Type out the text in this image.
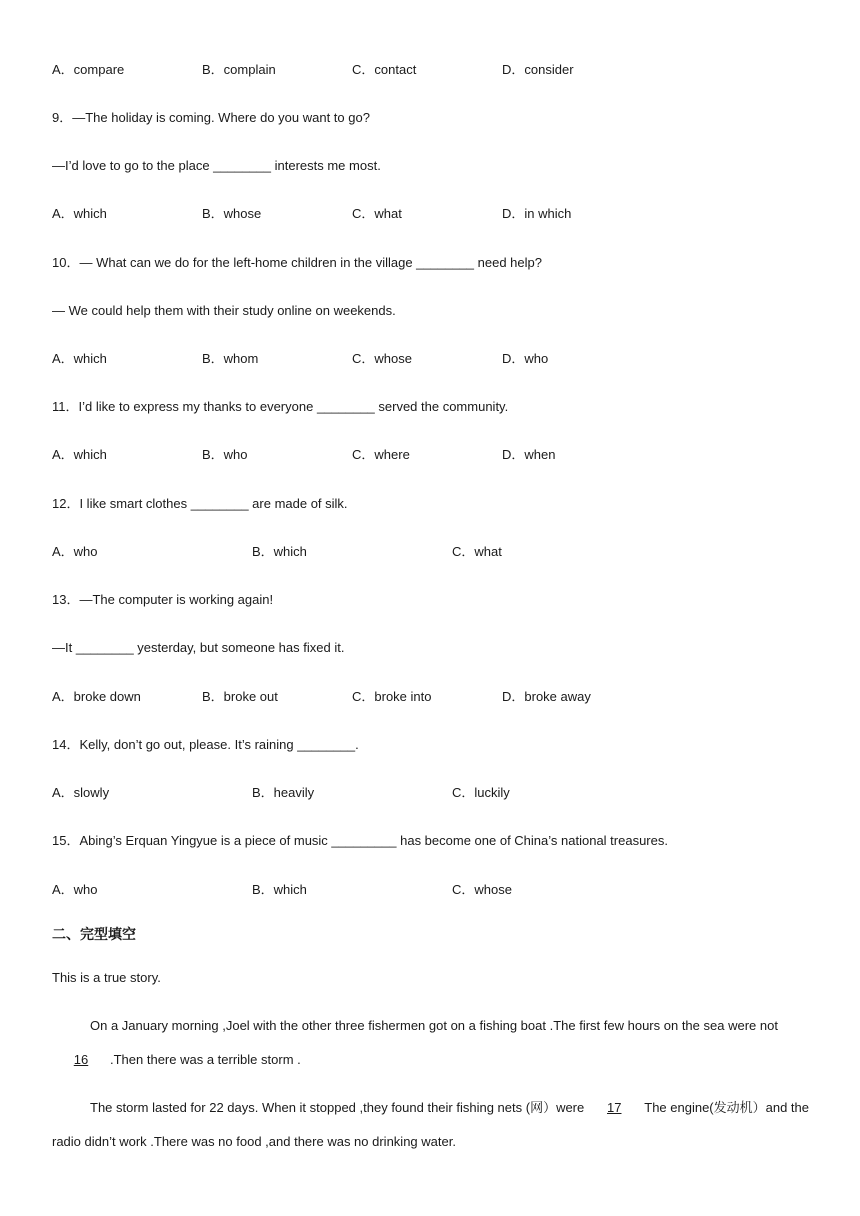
A．compare	B．complain	C．contact	D．consider
9．—The holiday is coming. Where do you want to go?
—I’d love to go to the place ________ interests me most.
A．which	B．whose	C．what	D．in which
10．— What can we do for the left-home children in the village ________ need help?
— We could help them with their study online on weekends.
A．which	B．whom	C．whose	D．who
11．I’d like to express my thanks to everyone ________ served the community.
A．which	B．who	C．where	D．when
12．I like smart clothes ________ are made of silk.
A．who	B．which	C．what
13．—The computer is working again!
—It ________ yesterday, but someone has fixed it.
A．broke down	B．broke out	C．broke into	D．broke away
14．Kelly, don’t go out, please. It’s raining ________.
A．slowly	B．heavily	C．luckily
15．Abing’s Erquan Yingyue is a piece of music _________ has become one of China’s national treasures.
A．who	B．which	C．whose
二、完型填空
This is a true story.
On a January morning ,Joel with the other three fishermen got on a fishing boat .The first few hours on the sea were not 16 .Then there was a terrible storm .
The storm lasted for 22 days. When it stopped ,they found their fishing nets (网）were 17 The engine(发动机）and the radio didn’t work .There was no food ,and there was no drinking water.
